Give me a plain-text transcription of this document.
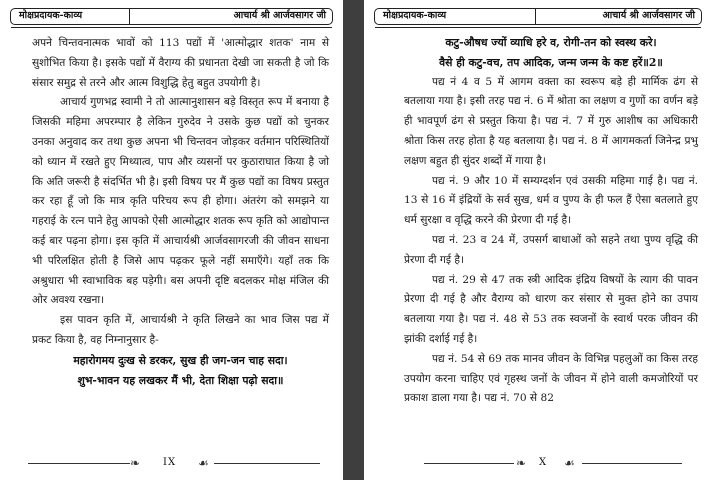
मोक्षप्रदायक-काव्य	आचार्य श्री आर्जवसागर जी

अपने चिन्तवनात्मक भावों को 113 पद्यों में 'आत्मोद्धार शतक' नाम से सुशोभित किया है। इसके पद्यों में वैराग्य की प्रधानता देखी जा सकती है जो कि संसार समुद्र से तरने और आत्म विशुद्धि हेतु बहुत उपयोगी है।

आचार्य गुणभद्र स्वामी ने तो आत्मानुशासन बड़े विस्तृत रूप में बनाया है जिसकी महिमा अपरम्पार है लेकिन गुरुदेव ने उसके कुछ पद्यों को चुनकर उनका अनुवाद कर तथा कुछ अपना भी चिन्तवन जोड़कर वर्तमान परिस्थितियों को ध्यान में रखते हुए मिथ्यात्व, पाप और व्यसनों पर कुठाराघात किया है जो कि अति जरूरी है संदर्भित भी है। इसी विषय पर मैं कुछ पद्यों का विषय प्रस्तुत कर रहा हूँ जो कि मात्र कृति परिचय रूप ही होगा। अंतरंग को समझने या गहराई के रत्न पाने हेतु आपको ऐसी आत्मोद्धार शतक रूप कृति को आद्योपान्त कई बार पढ़ना होगा। इस कृति में आचार्यश्री आर्जवसागरजी की जीवन साधना भी परिलक्षित होती है जिसे आप पढ़कर फूले नहीं समाएँगे। यहाँ तक कि अश्रुधारा भी स्वाभाविक बह पड़ेगी। बस अपनी दृष्टि बदलकर मोक्ष मंजिल की ओर अवश्य रखना।

इस पावन कृति में, आचार्यश्री ने कृति लिखने का भाव जिस पद्य में प्रकट किया है, वह निम्नानुसार है-

महारोगमय दुःख से डरकर, सुख ही जग-जन चाह सदा।
शुभ-भावन यह लखकर मैं भी, देता शिक्षा पढ़ो सदा॥
❧ IX ☙
मोक्षप्रदायक-काव्य	आचार्य श्री आर्जवसागर जी
कटु-औषध ज्यों व्याधि हरे व, रोगी-तन को स्वस्थ करे।
वैसे ही कटु-वच, तप आदिक, जन्म जन्म के कष्ट हरें॥2॥

पद्य नं 4 व 5 में आगम वक्ता का स्वरूप बड़े ही मार्मिक ढंग से बतलाया गया है। इसी तरह पद्य नं. 6 में श्रोता का लक्षण व गुणों का वर्णन बड़े ही भावपूर्ण ढंग से प्रस्तुत किया है। पद्य नं. 7 में गुरु आशीष का अधिकारी श्रोता किस तरह होता है यह बतलाया है। पद्य नं. 8 में आगमकर्ता जिनेन्द्र प्रभु लक्षण बहुत ही सुंदर शब्दों में गाया है।

पद्य नं. 9 और 10 में सम्यग्दर्शन एवं उसकी महिमा गाई है। पद्य नं. 13 से 16 में इंद्रियों के सर्व सुख, धर्म व पुण्य के ही फल हैं ऐसा बतलाते हुए धर्म सुरक्षा व वृद्धि करने की प्रेरणा दी गई है।

पद्य नं. 23 व 24 में, उपसर्ग बाधाओं को सहने तथा पुण्य वृद्धि की प्रेरणा दी गई है।

पद्य नं. 29 से 47 तक स्त्री आदिक इंद्रिय विषयों के त्याग की पावन प्रेरणा दी गई है और वैराग्य को धारण कर संसार से मुक्त होने का उपाय बतलाया गया है। पद्य नं. 48 से 53 तक स्वजनों के स्वार्थ परक जीवन की झांकी दर्शाई गई है।

पद्य नं. 54 से 69 तक मानव जीवन के विभिन्न पहलुओं का किस तरह उपयोग करना चाहिए एवं गृहस्थ जनों के जीवन में होने वाली कमजोरियों पर प्रकाश डाला गया है। पद्य नं. 70 से 82

❧ X ☙
